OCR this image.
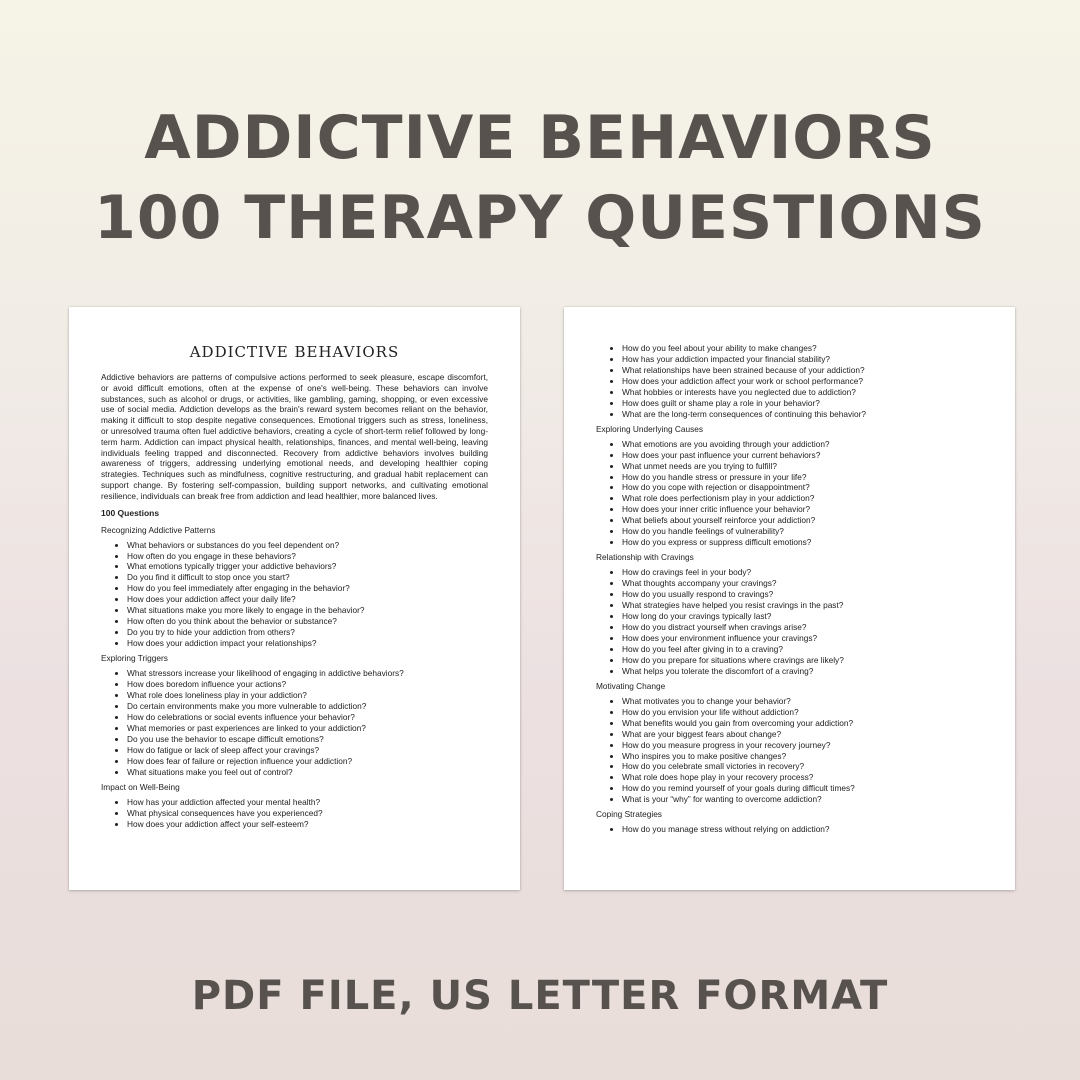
ADDICTIVE BEHAVIORS
100 THERAPY QUESTIONS
ADDICTIVE BEHAVIORS

Addictive behaviors are patterns of compulsive actions performed to seek pleasure, escape discomfort, or avoid difficult emotions, often at the expense of one's well-being. These behaviors can involve substances, such as alcohol or drugs, or activities, like gambling, gaming, shopping, or even excessive use of social media. Addiction develops as the brain's reward system becomes reliant on the behavior, making it difficult to stop despite negative consequences. Emotional triggers such as stress, loneliness, or unresolved trauma often fuel addictive behaviors, creating a cycle of short-term relief followed by long-term harm. Addiction can impact physical health, relationships, finances, and mental well-being, leaving individuals feeling trapped and disconnected. Recovery from addictive behaviors involves building awareness of triggers, addressing underlying emotional needs, and developing healthier coping strategies. Techniques such as mindfulness, cognitive restructuring, and gradual habit replacement can support change. By fostering self-compassion, building support networks, and cultivating emotional resilience, individuals can break free from addiction and lead healthier, more balanced lives.

100 Questions
Recognizing Addictive Patterns
• What behaviors or substances do you feel dependent on?
• How often do you engage in these behaviors?
• What emotions typically trigger your addictive behaviors?
• Do you find it difficult to stop once you start?
• How do you feel immediately after engaging in the behavior?
• How does your addiction affect your daily life?
• What situations make you more likely to engage in the behavior?
• How often do you think about the behavior or substance?
• Do you try to hide your addiction from others?
• How does your addiction impact your relationships?
Exploring Triggers
• What stressors increase your likelihood of engaging in addictive behaviors?
• How does boredom influence your actions?
• What role does loneliness play in your addiction?
• Do certain environments make you more vulnerable to addiction?
• How do celebrations or social events influence your behavior?
• What memories or past experiences are linked to your addiction?
• Do you use the behavior to escape difficult emotions?
• How do fatigue or lack of sleep affect your cravings?
• How does fear of failure or rejection influence your addiction?
• What situations make you feel out of control?
Impact on Well-Being
• How has your addiction affected your mental health?
• What physical consequences have you experienced?
• How does your addiction affect your self-esteem?
• How do you feel about your ability to make changes?
• How has your addiction impacted your financial stability?
• What relationships have been strained because of your addiction?
• How does your addiction affect your work or school performance?
• What hobbies or interests have you neglected due to addiction?
• How does guilt or shame play a role in your behavior?
• What are the long-term consequences of continuing this behavior?
Exploring Underlying Causes
• What emotions are you avoiding through your addiction?
• How does your past influence your current behaviors?
• What unmet needs are you trying to fulfill?
• How do you handle stress or pressure in your life?
• How do you cope with rejection or disappointment?
• What role does perfectionism play in your addiction?
• How does your inner critic influence your behavior?
• What beliefs about yourself reinforce your addiction?
• How do you handle feelings of vulnerability?
• How do you express or suppress difficult emotions?
Relationship with Cravings
• How do cravings feel in your body?
• What thoughts accompany your cravings?
• How do you usually respond to cravings?
• What strategies have helped you resist cravings in the past?
• How long do your cravings typically last?
• How do you distract yourself when cravings arise?
• How does your environment influence your cravings?
• How do you feel after giving in to a craving?
• How do you prepare for situations where cravings are likely?
• What helps you tolerate the discomfort of a craving?
Motivating Change
• What motivates you to change your behavior?
• How do you envision your life without addiction?
• What benefits would you gain from overcoming your addiction?
• What are your biggest fears about change?
• How do you measure progress in your recovery journey?
• Who inspires you to make positive changes?
• How do you celebrate small victories in recovery?
• What role does hope play in your recovery process?
• How do you remind yourself of your goals during difficult times?
• What is your “why” for wanting to overcome addiction?
Coping Strategies
• How do you manage stress without relying on addiction?
PDF FILE, US LETTER FORMAT
